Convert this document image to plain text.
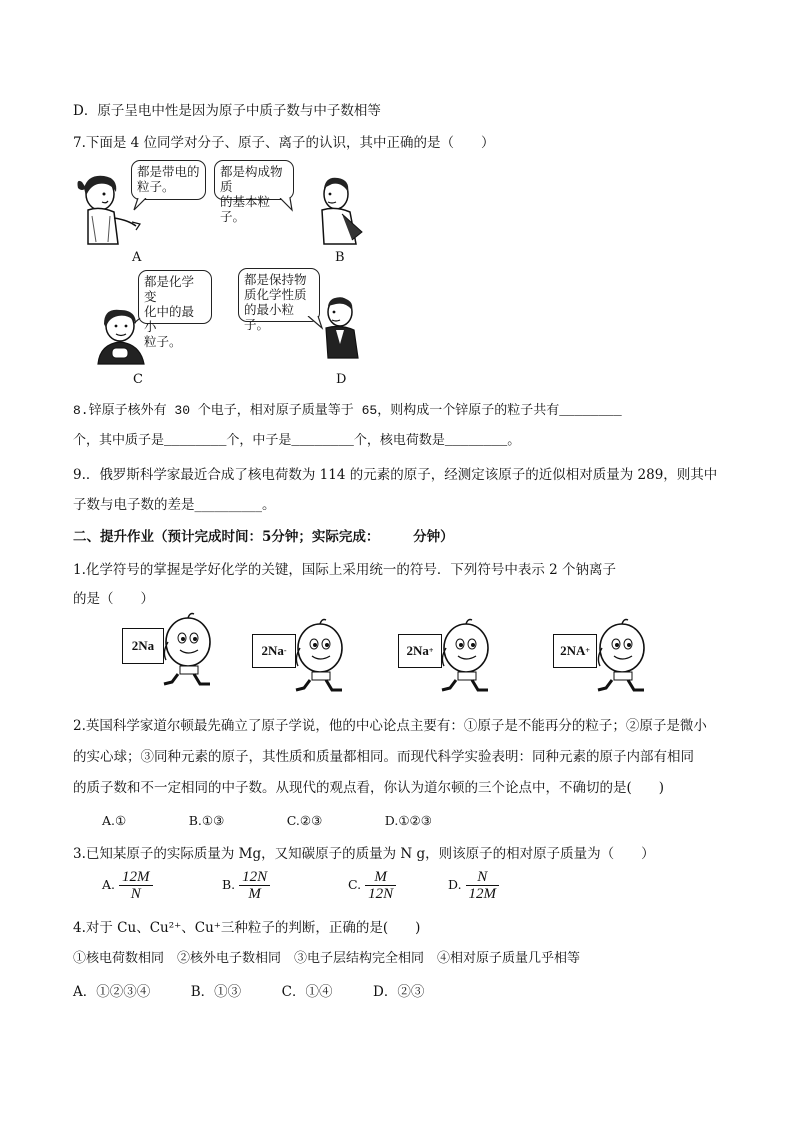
D．原子呈电中性是因为原子中质子数与中子数相等
7.下面是 4 位同学对分子、原子、离子的认识，其中正确的是（　　）
都是带电的
粒子。
A
都是构成物质
的基本粒子。
B
都是化学变
化中的最小
粒子。
C
都是保持物
质化学性质
的最小粒子。
D
8.锌原子核外有 30 个电子，相对原子质量等于 65，则构成一个锌原子的粒子共有________
个，其中质子是________个，中子是________个，核电荷数是________。
9.．俄罗斯科学家最近合成了核电荷数为 114 的元素的原子，经测定该原子的近似相对质量为 289，则其中
子数与电子数的差是__________。
二、提升作业（预计完成时间：5分钟；实际完成：　　　分钟）
1.化学符号的掌握是学好化学的关键，国际上采用统一的符号．下列符号中表示 2 个钠离子
的是（　　）
2Na	2Na -	2Na +	2NA +
2.英国科学家道尔顿最先确立了原子学说，他的中心论点主要有：①原子是不能再分的粒子；②原子是微小
的实心球；③同种元素的原子，其性质和质量都相同。而现代科学实验表明：同种元素的原子内部有相同
的质子数和不一定相同的中子数。从现代的观点看，你认为道尔顿的三个论点中，不确切的是(　　)
A.①　　　　　B.①③　　　　　C.②③　　　　　D.①②③
3.已知某原子的实际质量为 Mg，又知碳原子的质量为 N g，则该原子的相对原子质量为（　　）
A. $\frac{12M}{N}$	B. $\frac{12N}{M}$	C. $\frac{M}{12N}$	D. $\frac{N}{12M}$
4.对于 Cu、Cu²⁺、Cu⁺三种粒子的判断，正确的是(　　)
①核电荷数相同　②核外电子数相同　③电子层结构完全相同　④相对原子质量几乎相等
A．①②③④　　　B．①③　　　C．①④　　　D．②③
